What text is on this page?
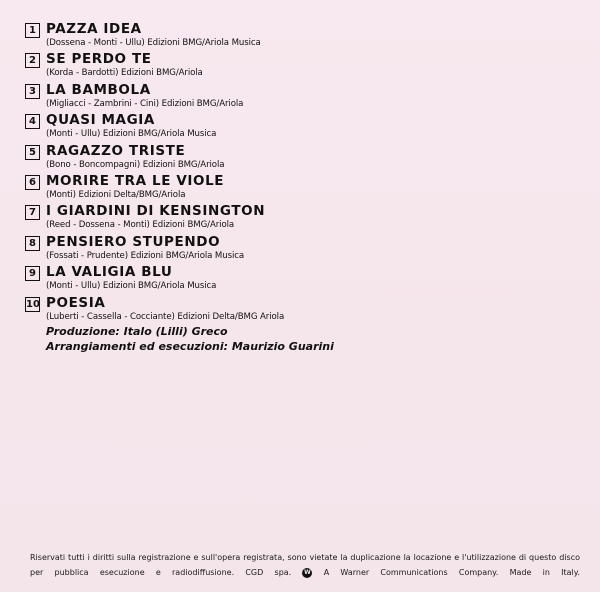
1 PAZZA IDEA
(Dossena - Monti - Ullu) Edizioni BMG/Ariola Musica
2 SE PERDO TE
(Korda - Bardotti) Edizioni BMG/Ariola
3 LA BAMBOLA
(Migliacci - Zambrini - Cini) Edizioni BMG/Ariola
4 QUASI MAGIA
(Monti - Ullu) Edizioni BMG/Ariola Musica
5 RAGAZZO TRISTE
(Bono - Boncompagni) Edizioni BMG/Ariola
6 MORIRE TRA LE VIOLE
(Monti) Edizioni Delta/BMG/Ariola
7 I GIARDINI DI KENSINGTON
(Reed - Dossena - Monti) Edizioni BMG/Ariola
8 PENSIERO STUPENDO
(Fossati - Prudente) Edizioni BMG/Ariola Musica
9 LA VALIGIA BLU
(Monti - Ullu) Edizioni BMG/Ariola Musica
10 POESIA
(Luberti - Cassella - Cocciante) Edizioni Delta/BMG Ariola
Produzione: Italo (Lilli) Greco
Arrangiamenti ed esecuzioni: Maurizio Guarini
Riservati tutti i diritti sulla registrazione e sull'opera registrata, sono vietate la duplicazione la locazione e l'utilizzazione di questo disco
per pubblica esecuzione e radiodiffusione. CGD spa. W A Warner Communications Company. Made in Italy.
